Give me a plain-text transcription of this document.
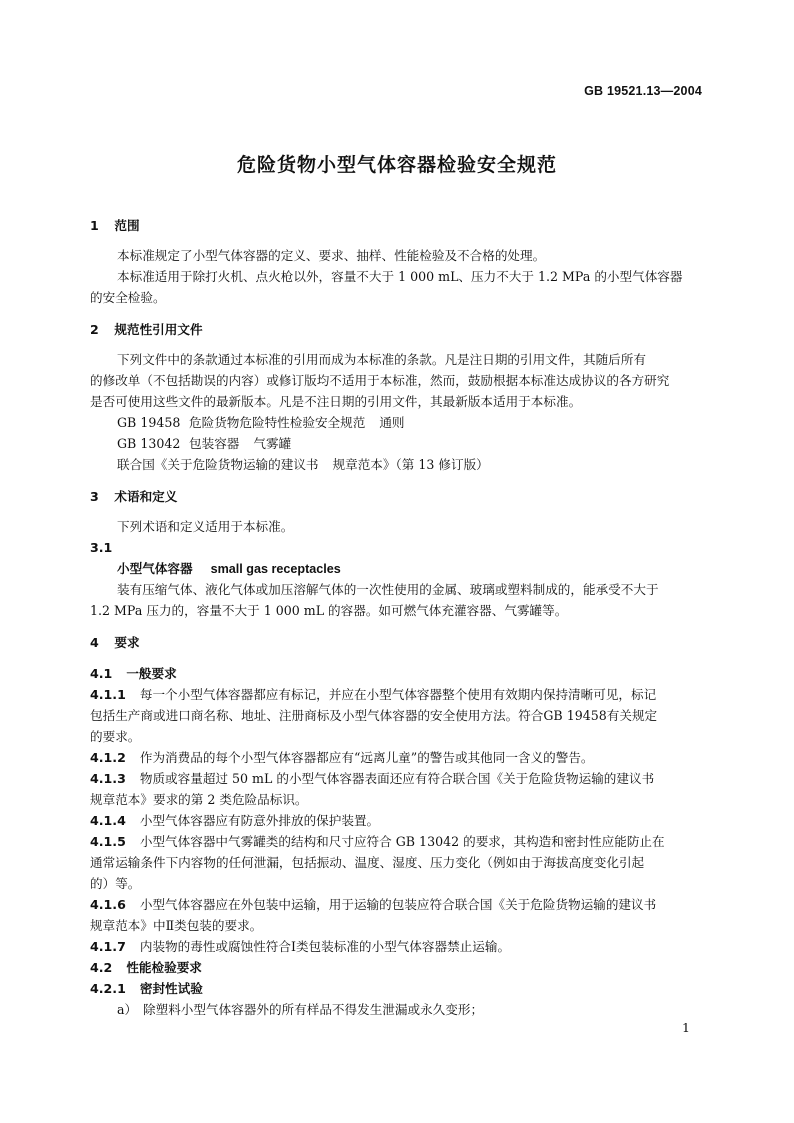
GB 19521.13—2004
危险货物小型气体容器检验安全规范
1 范围
本标准规定了小型气体容器的定义、要求、抽样、性能检验及不合格的处理。
本标准适用于除打火机、点火枪以外，容量不大于 1 000 mL、压力不大于 1.2 MPa 的小型气体容器
的安全检验。
2 规范性引用文件
下列文件中的条款通过本标准的引用而成为本标准的条款。凡是注日期的引用文件，其随后所有
的修改单（不包括勘误的内容）或修订版均不适用于本标准，然而，鼓励根据本标准达成协议的各方研究
是否可使用这些文件的最新版本。凡是不注日期的引用文件，其最新版本适用于本标准。
GB 19458 危险货物危险特性检验安全规范 通则
GB 13042 包装容器 气雾罐
联合国《关于危险货物运输的建议书 规章范本》（第 13 修订版）
3 术语和定义
下列术语和定义适用于本标准。
3.1
小型气体容器 small gas receptacles
装有压缩气体、液化气体或加压溶解气体的一次性使用的金属、玻璃或塑料制成的，能承受不大于
1.2 MPa 压力的，容量不大于 1 000 mL 的容器。如可燃气体充灌容器、气雾罐等。
4 要求
4.1 一般要求
4.1.1 每一个小型气体容器都应有标记，并应在小型气体容器整个使用有效期内保持清晰可见，标记
包括生产商或进口商名称、地址、注册商标及小型气体容器的安全使用方法。符合GB 19458有关规定
的要求。
4.1.2 作为消费品的每个小型气体容器都应有“远离儿童”的警告或其他同一含义的警告。
4.1.3 物质或容量超过 50 mL 的小型气体容器表面还应有符合联合国《关于危险货物运输的建议书
规章范本》要求的第 2 类危险品标识。
4.1.4 小型气体容器应有防意外排放的保护装置。
4.1.5 小型气体容器中气雾罐类的结构和尺寸应符合 GB 13042 的要求，其构造和密封性应能防止在
通常运输条件下内容物的任何泄漏，包括振动、温度、湿度、压力变化（例如由于海拔高度变化引起
的）等。
4.1.6 小型气体容器应在外包装中运输，用于运输的包装应符合联合国《关于危险货物运输的建议书
规章范本》中Ⅱ类包装的要求。
4.1.7 内装物的毒性或腐蚀性符合Ⅰ类包装标准的小型气体容器禁止运输。
4.2 性能检验要求
4.2.1 密封性试验
a） 除塑料小型气体容器外的所有样品不得发生泄漏或永久变形；
1
